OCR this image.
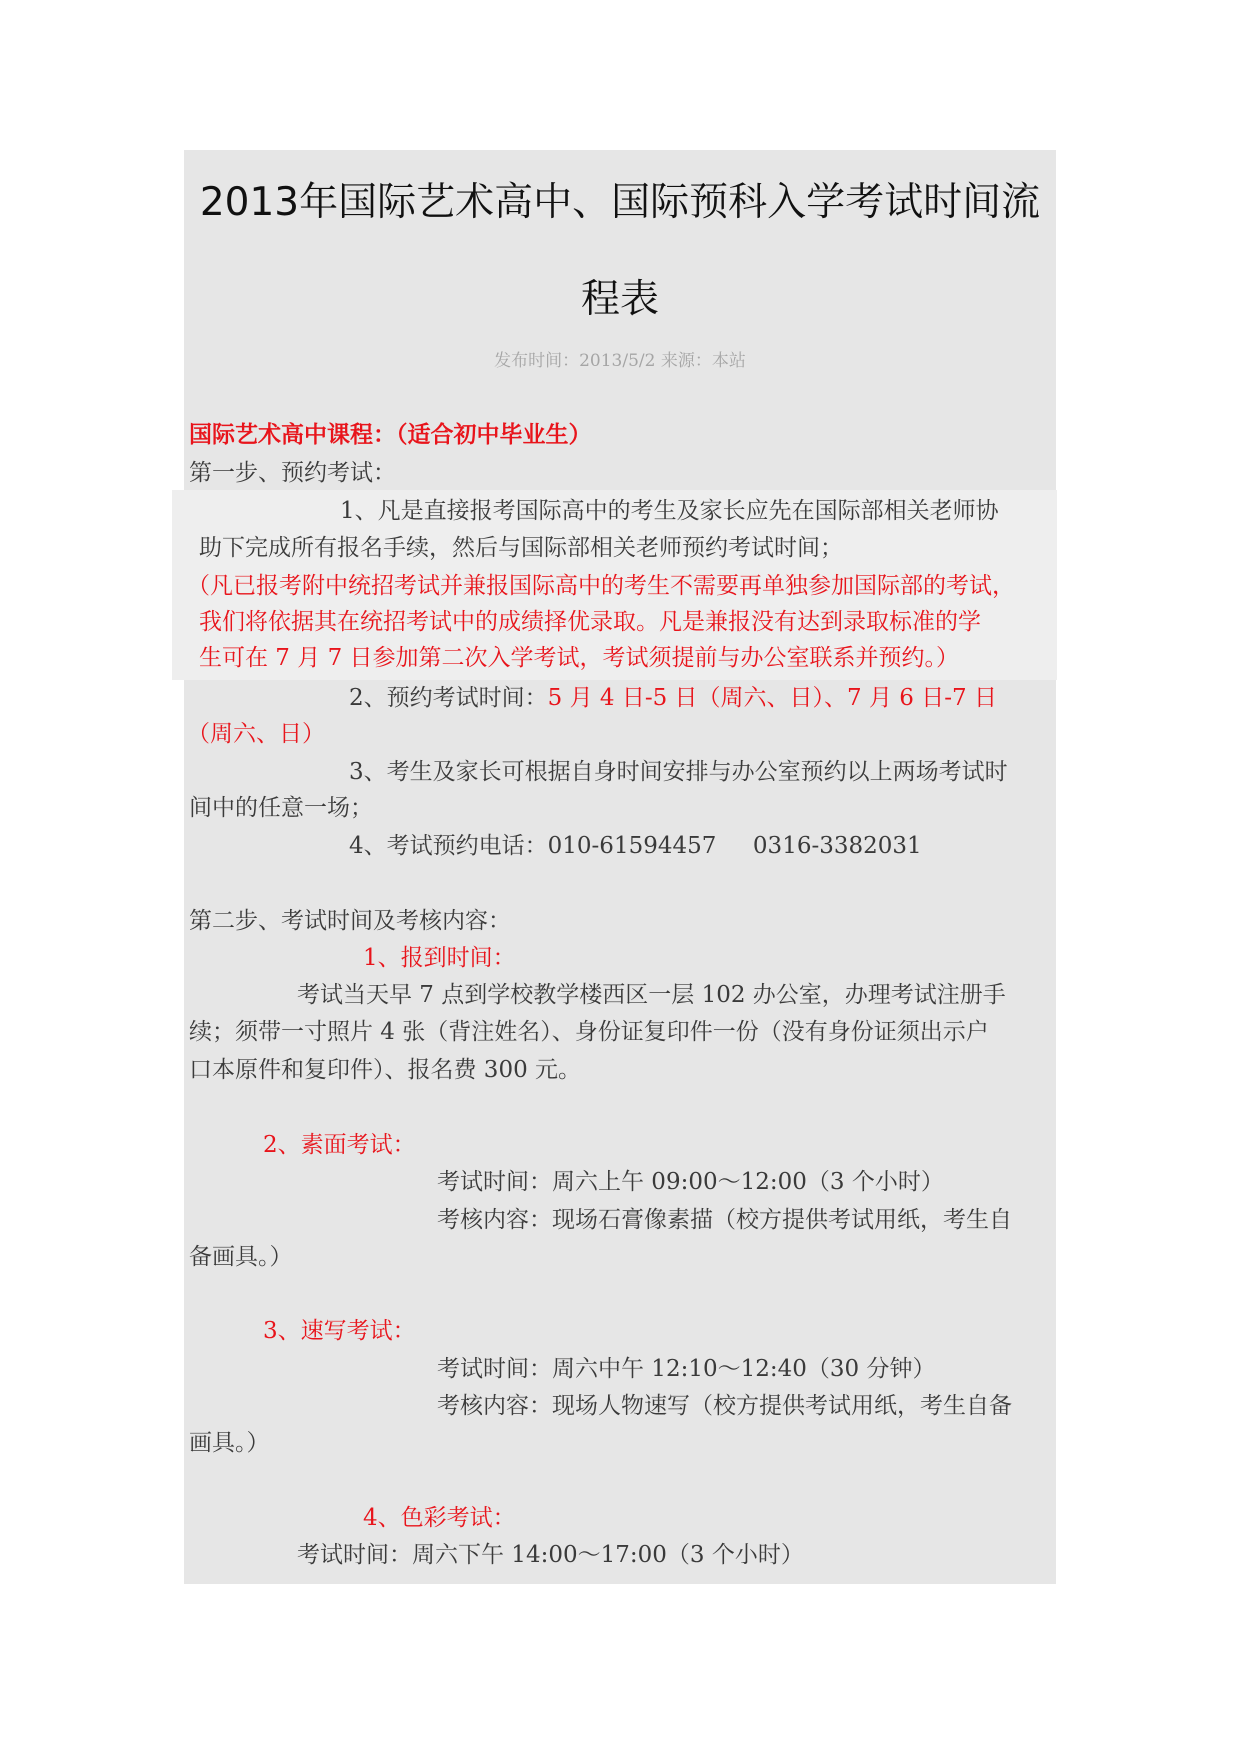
2013年国际艺术高中、国际预科入学考试时间流
程表
发布时间：2013/5/2 来源：本站
国际艺术高中课程：（适合初中毕业生）
第一步、预约考试：
1、凡是直接报考国际高中的考生及家长应先在国际部相关老师协
助下完成所有报名手续，然后与国际部相关老师预约考试时间；
（凡已报考附中统招考试并兼报国际高中的考生不需要再单独参加国际部的考试，
我们将依据其在统招考试中的成绩择优录取。凡是兼报没有达到录取标准的学
生可在 7 月 7 日参加第二次入学考试，考试须提前与办公室联系并预约。）
2、预约考试时间：5 月 4 日-5 日（周六、日）、7 月 6 日-7 日
（周六、日）
3、考生及家长可根据自身时间安排与办公室预约以上两场考试时
间中的任意一场；
4、考试预约电话：010-61594457     0316-3382031
第二步、考试时间及考核内容：
1、报到时间：
考试当天早 7 点到学校教学楼西区一层 102 办公室，办理考试注册手
续；须带一寸照片 4 张（背注姓名）、身份证复印件一份（没有身份证须出示户
口本原件和复印件）、报名费 300 元。
2、素面考试：
考试时间：周六上午 09:00～12:00（3 个小时）
考核内容：现场石膏像素描（校方提供考试用纸，考生自
备画具。）
3、速写考试：
考试时间：周六中午 12:10～12:40（30 分钟）
考核内容：现场人物速写（校方提供考试用纸，考生自备
画具。）
4、色彩考试：
考试时间：周六下午 14:00～17:00（3 个小时）
